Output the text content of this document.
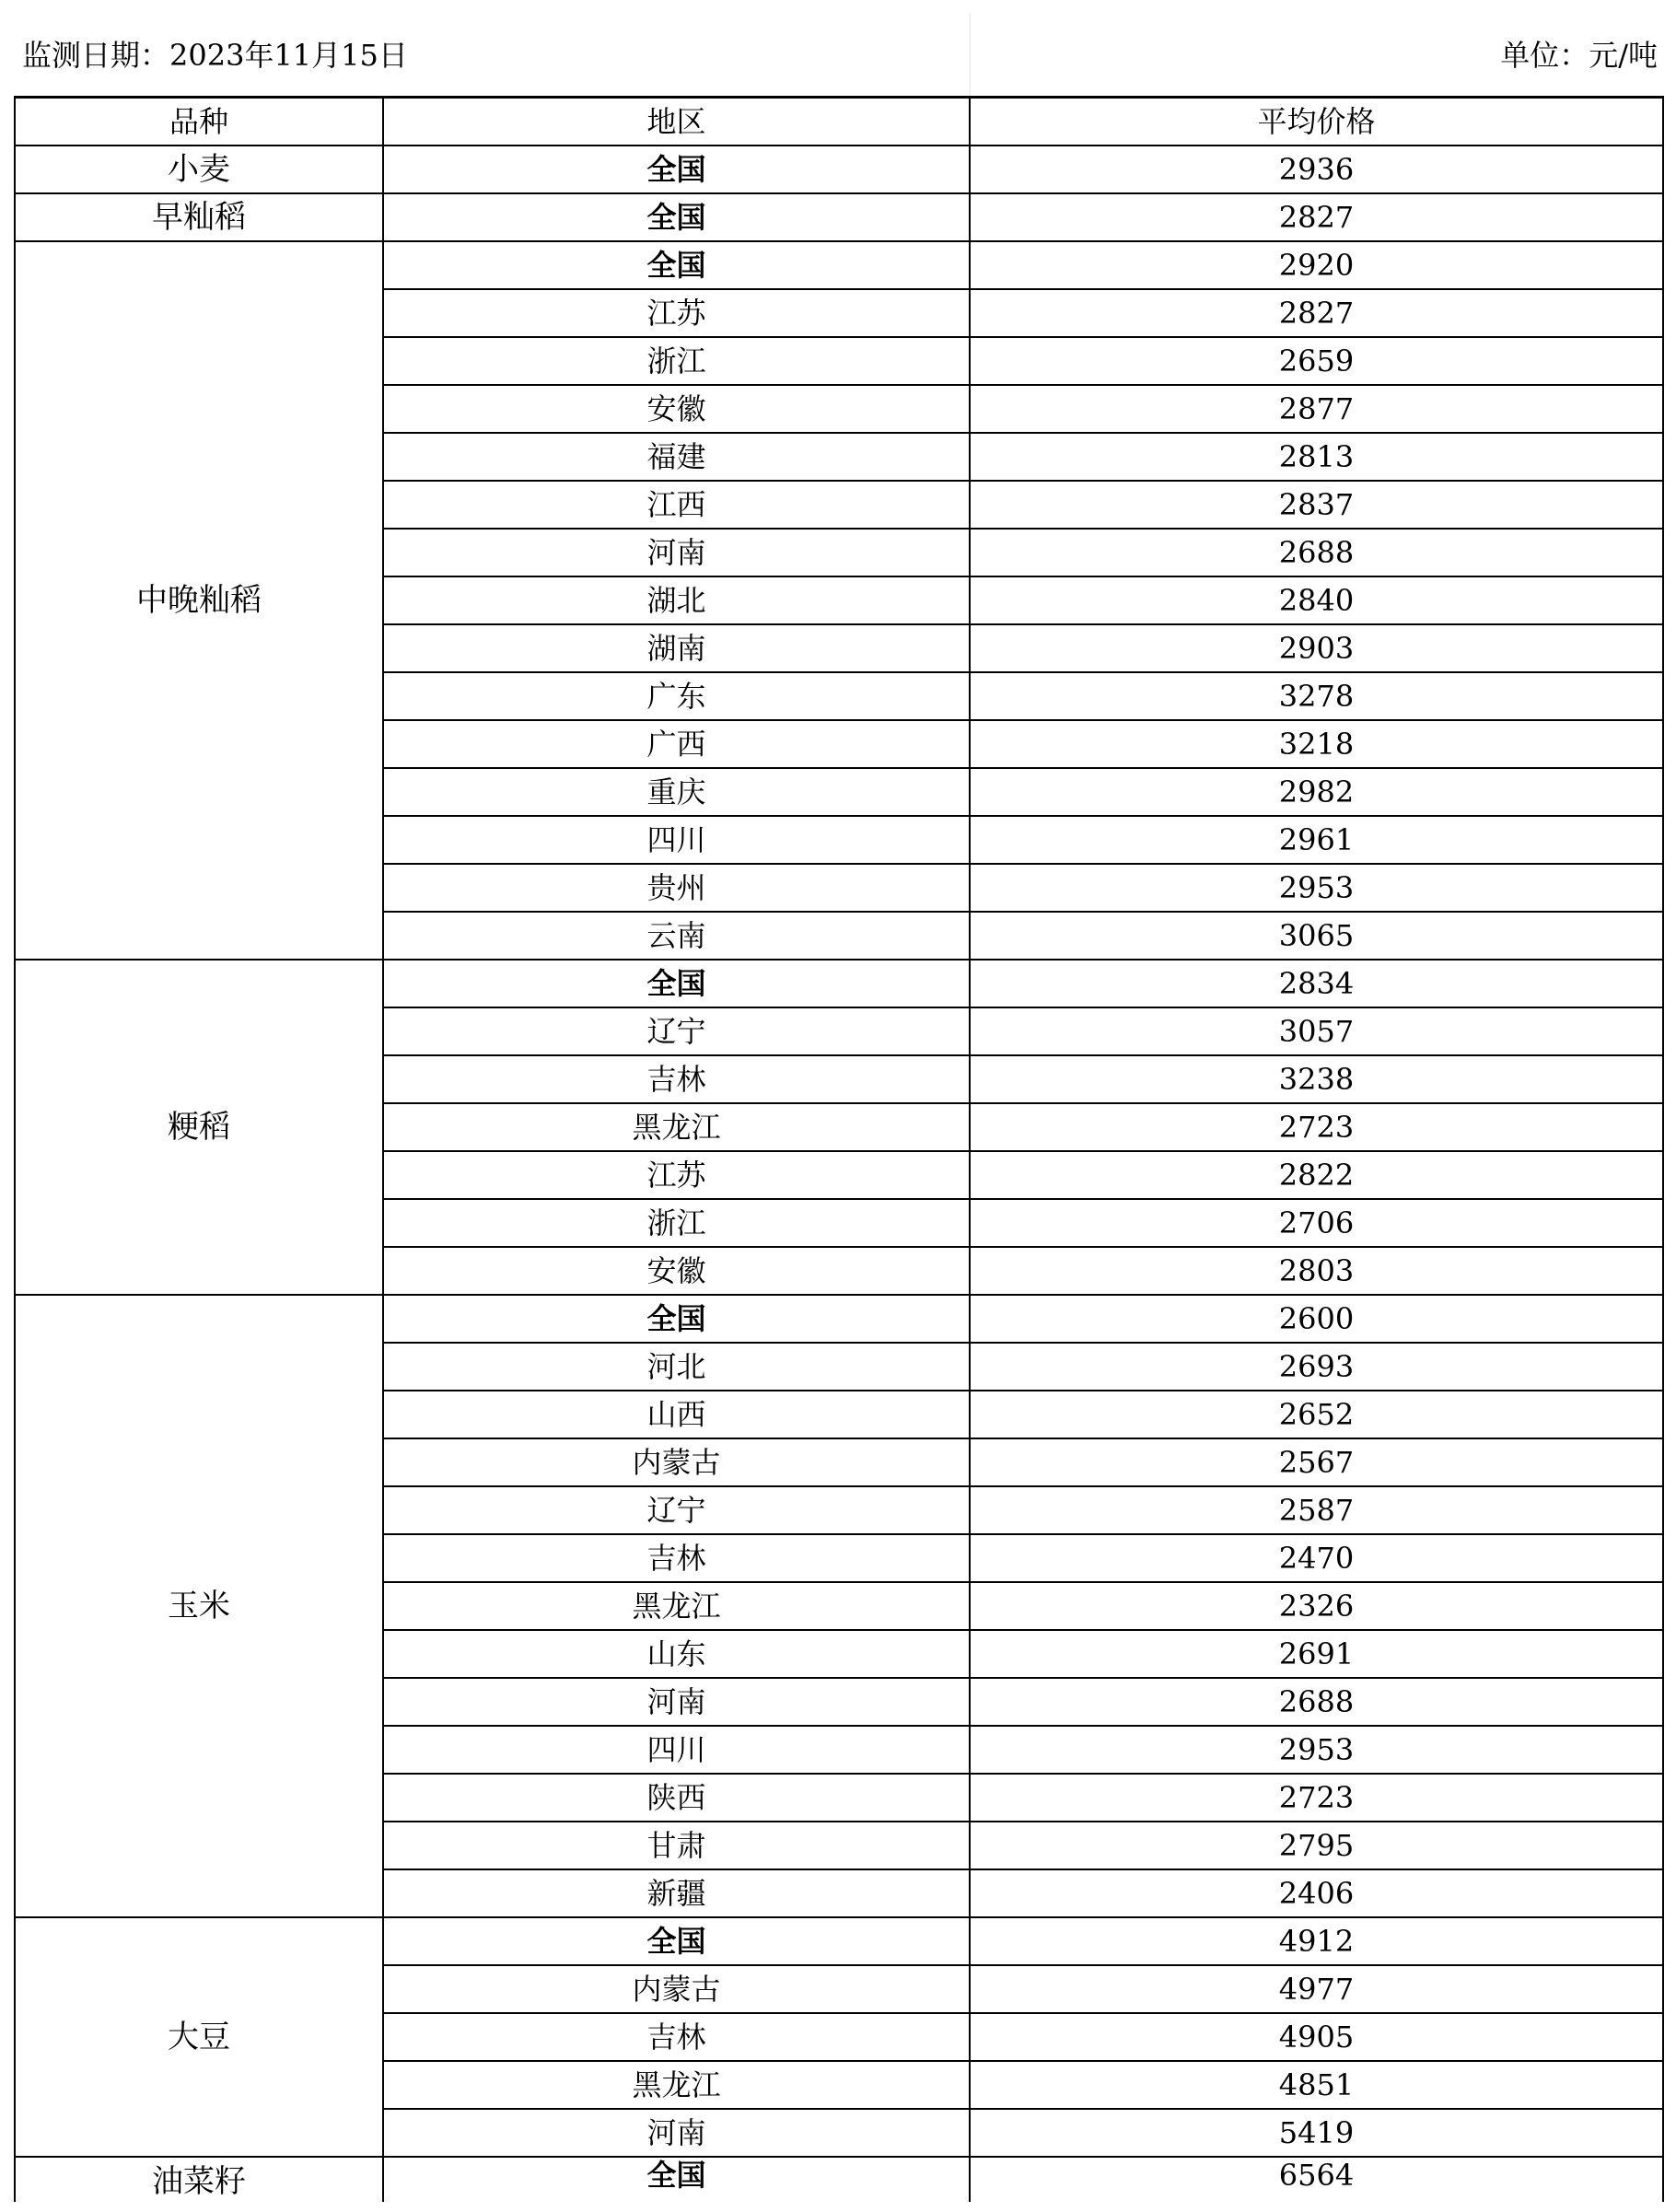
监测日期：2023年11月15日		单位：元/吨
品种	地区	平均价格
小麦	全国	2936
早籼稻	全国	2827
中晚籼稻	全国	2920
	江苏	2827
	浙江	2659
	安徽	2877
	福建	2813
	江西	2837
	河南	2688
	湖北	2840
	湖南	2903
	广东	3278
	广西	3218
	重庆	2982
	四川	2961
	贵州	2953
	云南	3065
粳稻	全国	2834
	辽宁	3057
	吉林	3238
	黑龙江	2723
	江苏	2822
	浙江	2706
	安徽	2803
玉米	全国	2600
	河北	2693
	山西	2652
	内蒙古	2567
	辽宁	2587
	吉林	2470
	黑龙江	2326
	山东	2691
	河南	2688
	四川	2953
	陕西	2723
	甘肃	2795
	新疆	2406
大豆	全国	4912
	内蒙古	4977
	吉林	4905
	黑龙江	4851
	河南	5419
油菜籽	全国	6564
